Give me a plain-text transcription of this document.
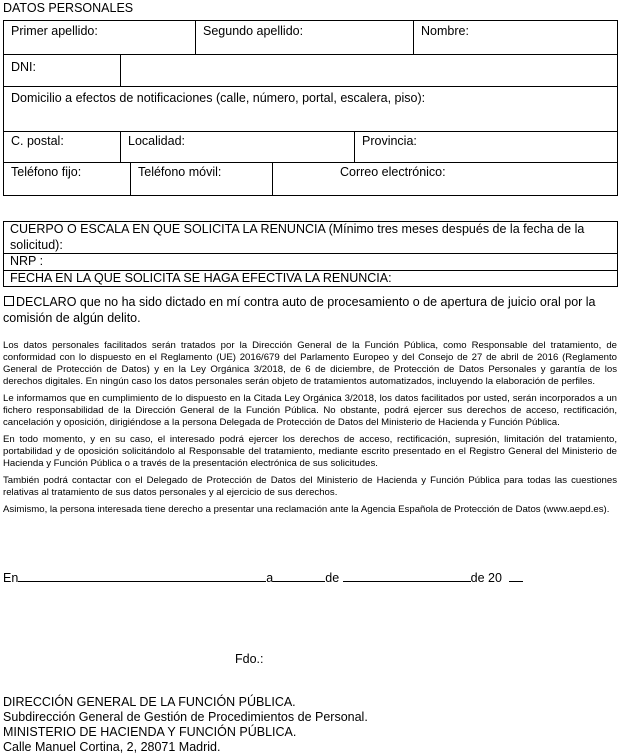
DATOS PERSONALES
Primer apellido:	Segundo apellido:	Nombre:
DNI:
Domicilio a efectos de notificaciones (calle, número, portal, escalera, piso):
C. postal:	Localidad:	Provincia:
Teléfono fijo:	Teléfono móvil:	Correo electrónico:
CUERPO O ESCALA EN QUE SOLICITA LA RENUNCIA (Mínimo tres meses después de la fecha de la solicitud):
NRP :
FECHA EN LA QUE SOLICITA SE HAGA EFECTIVA LA RENUNCIA:
DECLARO que no ha sido dictado en mí contra auto de procesamiento o de apertura de juicio oral por la comisión de algún delito.

Los datos personales facilitados serán tratados por la Dirección General de la Función Pública, como Responsable del tratamiento, de conformidad con lo dispuesto en el Reglamento (UE) 2016/679 del Parlamento Europeo y del Consejo de 27 de abril de 2016 (Reglamento General de Protección de Datos) y en la Ley Orgánica 3/2018, de 6 de diciembre, de Protección de Datos Personales y garantía de los derechos digitales. En ningún caso los datos personales serán objeto de tratamientos automatizados, incluyendo la elaboración de perfiles.

Le informamos que en cumplimiento de lo dispuesto en la Citada Ley Orgánica 3/2018, los datos facilitados por usted, serán incorporados a un fichero responsabilidad de la Dirección General de la Función Pública. No obstante, podrá ejercer sus derechos de acceso, rectificación, cancelación y oposición, dirigiéndose a la persona Delegada de Protección de Datos del Ministerio de Hacienda y Función Pública.

En todo momento, y en su caso, el interesado podrá ejercer los derechos de acceso, rectificación, supresión, limitación del tratamiento, portabilidad y de oposición solicitándolo al Responsable del tratamiento, mediante escrito presentado en el Registro General del Ministerio de Hacienda y Función Pública o a través de la presentación electrónica de sus solicitudes.

También podrá contactar con el Delegado de Protección de Datos del Ministerio de Hacienda y Función Pública para todas las cuestiones relativas al tratamiento de sus datos personales y al ejercicio de sus derechos.

Asimismo, la persona interesada tiene derecho a presentar una reclamación ante la Agencia Española de Protección de Datos (www.aepd.es).

En	a	de	de 20
Fdo.:
DIRECCIÓN GENERAL DE LA FUNCIÓN PÚBLICA.
Subdirección General de Gestión de Procedimientos de Personal.
MINISTERIO DE HACIENDA Y FUNCIÓN PÚBLICA.
Calle Manuel Cortina, 2, 28071 Madrid.
